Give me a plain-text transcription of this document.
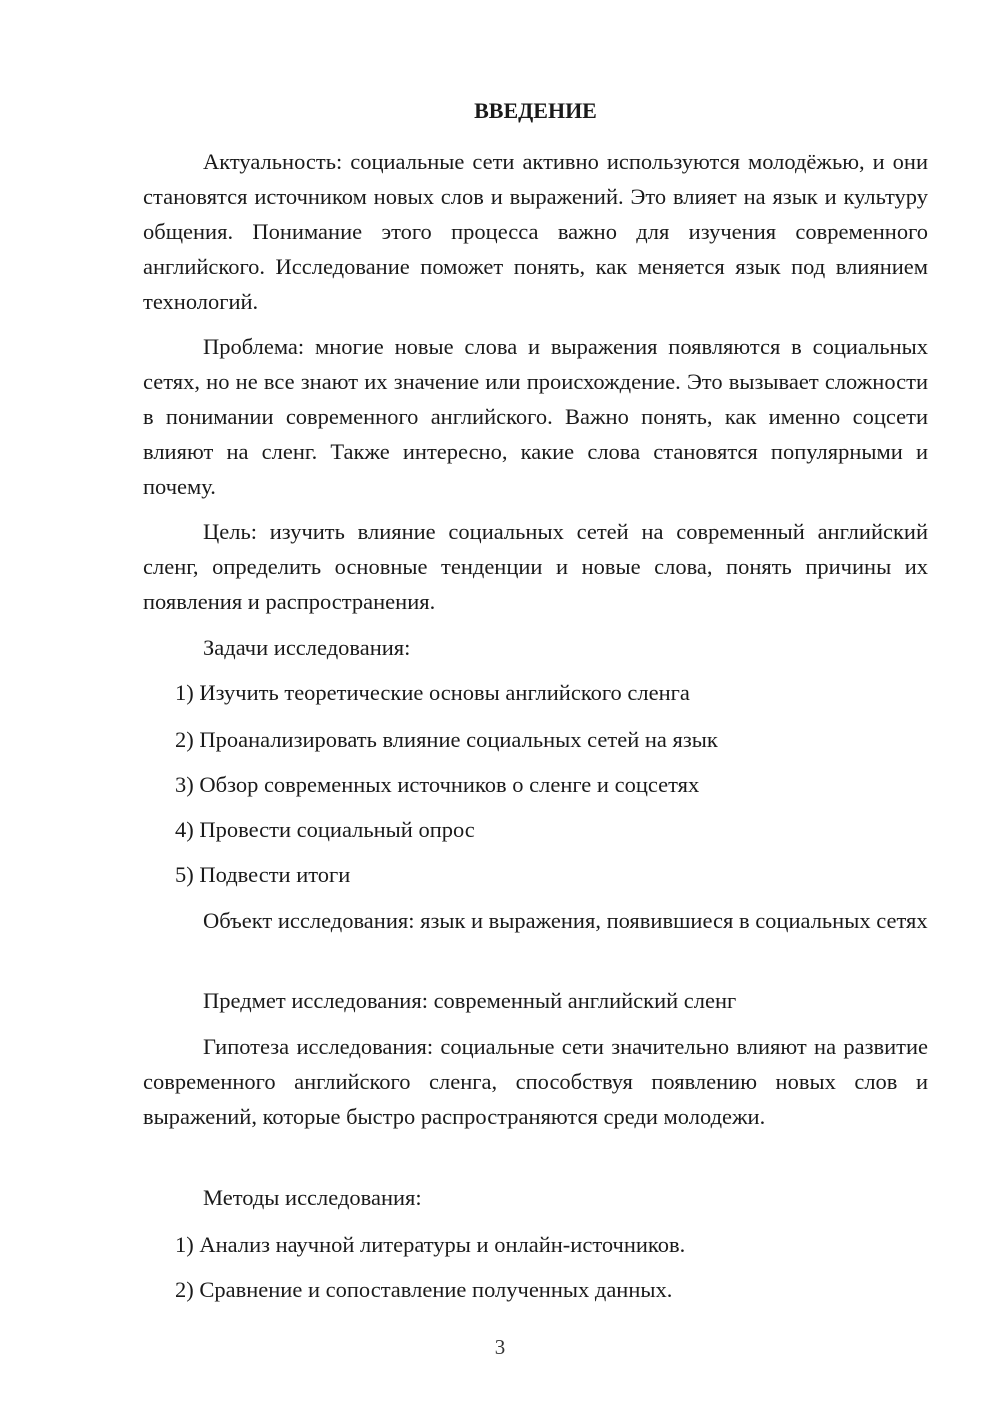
ВВЕДЕНИЕ

Актуальность: социальные сети активно используются молодёжью, и они становятся источником новых слов и выражений. Это влияет на язык и культуру общения. Понимание этого процесса важно для изучения современного английского. Исследование поможет понять, как меняется язык под влиянием технологий.

Проблема: многие новые слова и выражения появляются в социальных сетях, но не все знают их значение или происхождение. Это вызывает сложности в понимании современного английского. Важно понять, как именно соцсети влияют на сленг. Также интересно, какие слова становятся популярными и почему.

Цель: изучить влияние социальных сетей на современный английский сленг, определить основные тенденции и новые слова, понять причины их появления и распространения.

Задачи исследования:

1) Изучить теоретические основы английского сленга

2) Проанализировать влияние социальных сетей на язык

3) Обзор современных источников о сленге и соцсетях

4) Провести социальный опрос

5) Подвести итоги

Объект исследования: язык и выражения, появившиеся в социальных сетях

Предмет исследования: современный английский сленг

Гипотеза исследования: социальные сети значительно влияют на развитие современного английского сленга, способствуя появлению новых слов и выражений, которые быстро распространяются среди молодежи.

Методы исследования:

1) Анализ научной литературы и онлайн-источников.

2) Сравнение и сопоставление полученных данных.

3
